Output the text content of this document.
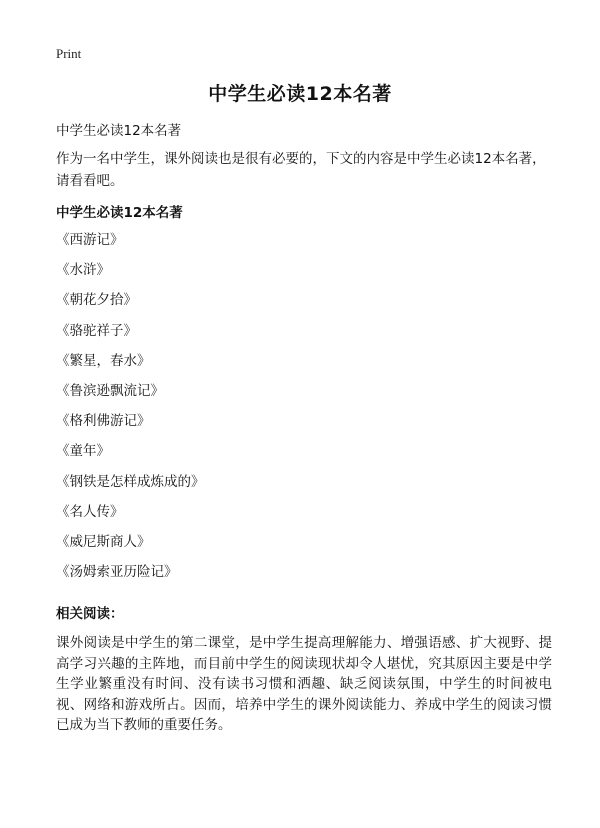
Print
中学生必读12本名著

中学生必读12本名著

作为一名中学生，课外阅读也是很有必要的，下文的内容是中学生必读12本名著，请看看吧。

中学生必读12本名著

《西游记》
《水浒》
《朝花夕拾》
《骆驼祥子》
《繁星，春水》
《鲁滨逊飘流记》
《格利佛游记》
《童年》
《钢铁是怎样成炼成的》
《名人传》
《威尼斯商人》
《汤姆索亚历险记》

相关阅读：

课外阅读是中学生的第二课堂，是中学生提高理解能力、增强语感、扩大视野、提高学习兴趣的主阵地，而目前中学生的阅读现状却令人堪忧，究其原因主要是中学生学业繁重没有时间、没有读书习惯和洒趣、缺乏阅读氛围，中学生的时间被电视、网络和游戏所占。因而，培养中学生的课外阅读能力、养成中学生的阅读习惯已成为当下教师的重要任务。
